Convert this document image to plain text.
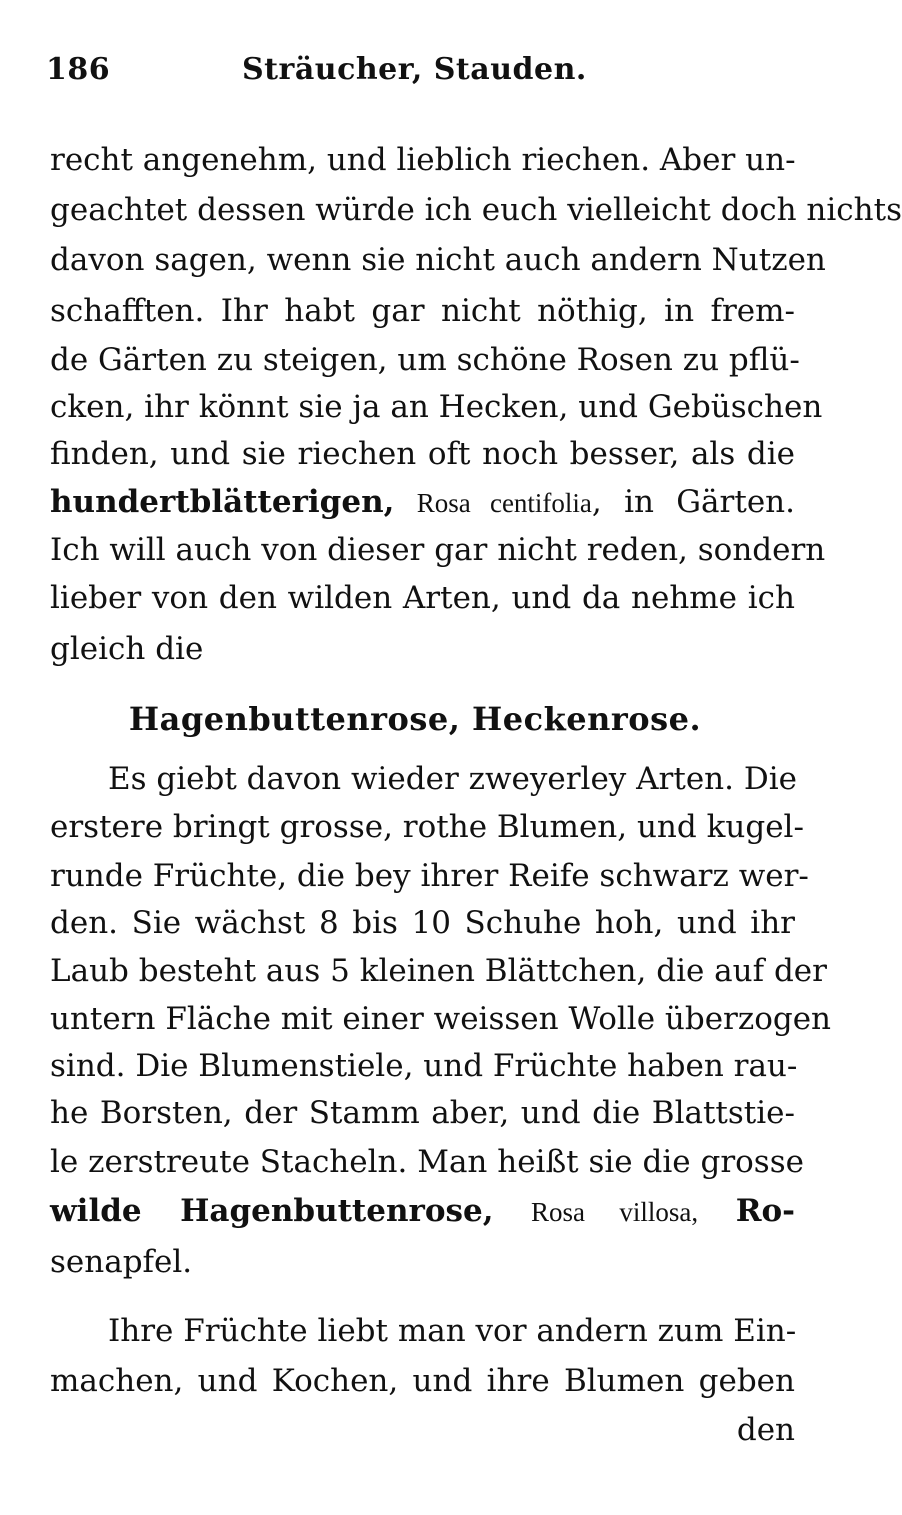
186	Sträucher, Stauden.
recht angenehm, und lieblich riechen. Aber un-
geachtet dessen würde ich euch vielleicht doch nichts
davon sagen, wenn sie nicht auch andern Nutzen
schafften. Ihr habt gar nicht nöthig, in frem-
de Gärten zu steigen, um schöne Rosen zu pflü-
cken, ihr könnt sie ja an Hecken, und Gebüschen
finden, und sie riechen oft noch besser, als die
hundertblätterigen, Rosa centifolia, in Gärten.
Ich will auch von dieser gar nicht reden, sondern
lieber von den wilden Arten, und da nehme ich
gleich die
Hagenbuttenrose, Heckenrose.
Es giebt davon wieder zweyerley Arten. Die
erstere bringt grosse, rothe Blumen, und kugel-
runde Früchte, die bey ihrer Reife schwarz wer-
den. Sie wächst 8 bis 10 Schuhe hoh, und ihr
Laub besteht aus 5 kleinen Blättchen, die auf der
untern Fläche mit einer weissen Wolle überzogen
sind. Die Blumenstiele, und Früchte haben rau-
he Borsten, der Stamm aber, und die Blattstie-
le zerstreute Stacheln. Man heißt sie die grosse
wilde Hagenbuttenrose, Rosa villosa, Ro-
senapfel.
Ihre Früchte liebt man vor andern zum Ein-
machen, und Kochen, und ihre Blumen geben
den
